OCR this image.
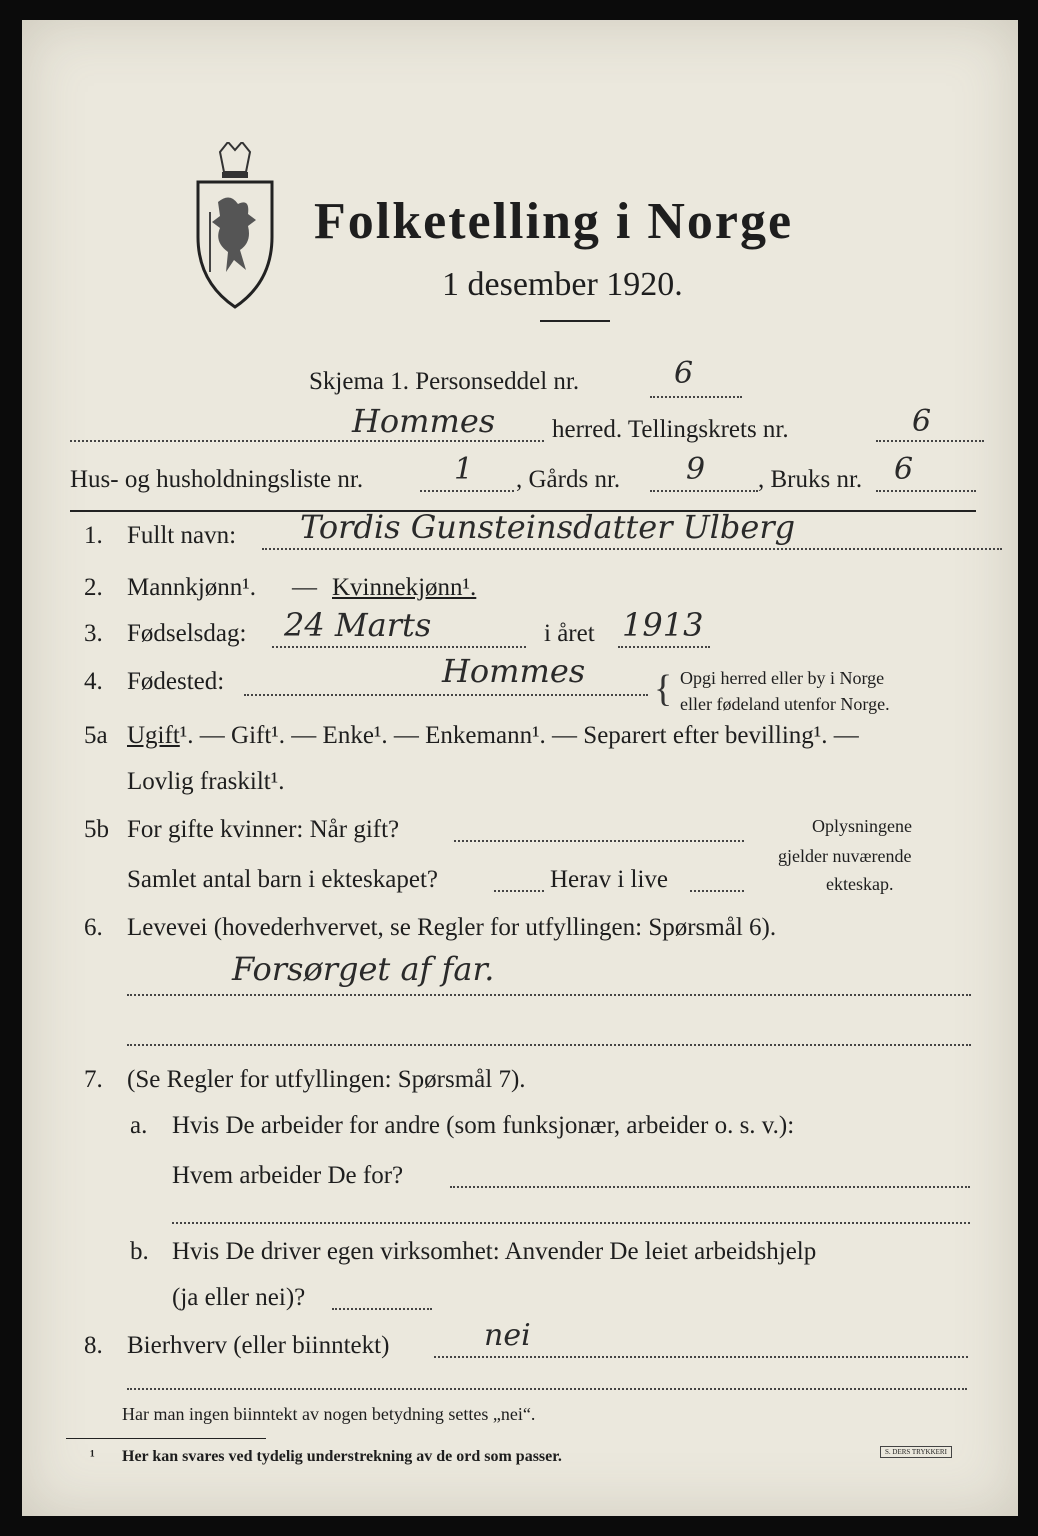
Folketelling i Norge
1 desember 1920.
Skjema 1. Personseddel nr.	6
Hommes herred. Tellingskrets nr.	6
Hus- og husholdningsliste nr.	1 , Gårds nr. 9 , Bruks nr. 6
1. Fullt navn: Tordis Gunsteinsdatter Ulberg
2. Mannkjønn¹. — Kvinnekjønn¹.
3. Fødselsdag: 24 Marts	i året 1913
4. Fødested:	Hommes { Opgi herred eller by i Norge
eller fødeland utenfor Norge.
5a Ugift¹. — Gift¹. — Enke¹. — Enkemann¹. — Separert efter bevilling¹. —
Lovlig fraskilt¹.
5b For gifte kvinner: Når gift?
Samlet antal barn i ekteskapet?	Herav i live
Oplysningene
gjelder nuværende
ekteskap.
6. Levevei (hovederhvervet, se Regler for utfyllingen: Spørsmål 6).
Forsørget af far.
7. (Se Regler for utfyllingen: Spørsmål 7).
a. Hvis De arbeider for andre (som funksjonær, arbeider o. s. v.):
Hvem arbeider De for?
b. Hvis De driver egen virksomhet: Anvender De leiet arbeidshjelp
(ja eller nei)?
8. Bierhverv (eller biinntekt)	nei
Har man ingen biinntekt av nogen betydning settes „nei“.
¹ Her kan svares ved tydelig understrekning av de ord som passer.	S. DERS TRYKKERI
